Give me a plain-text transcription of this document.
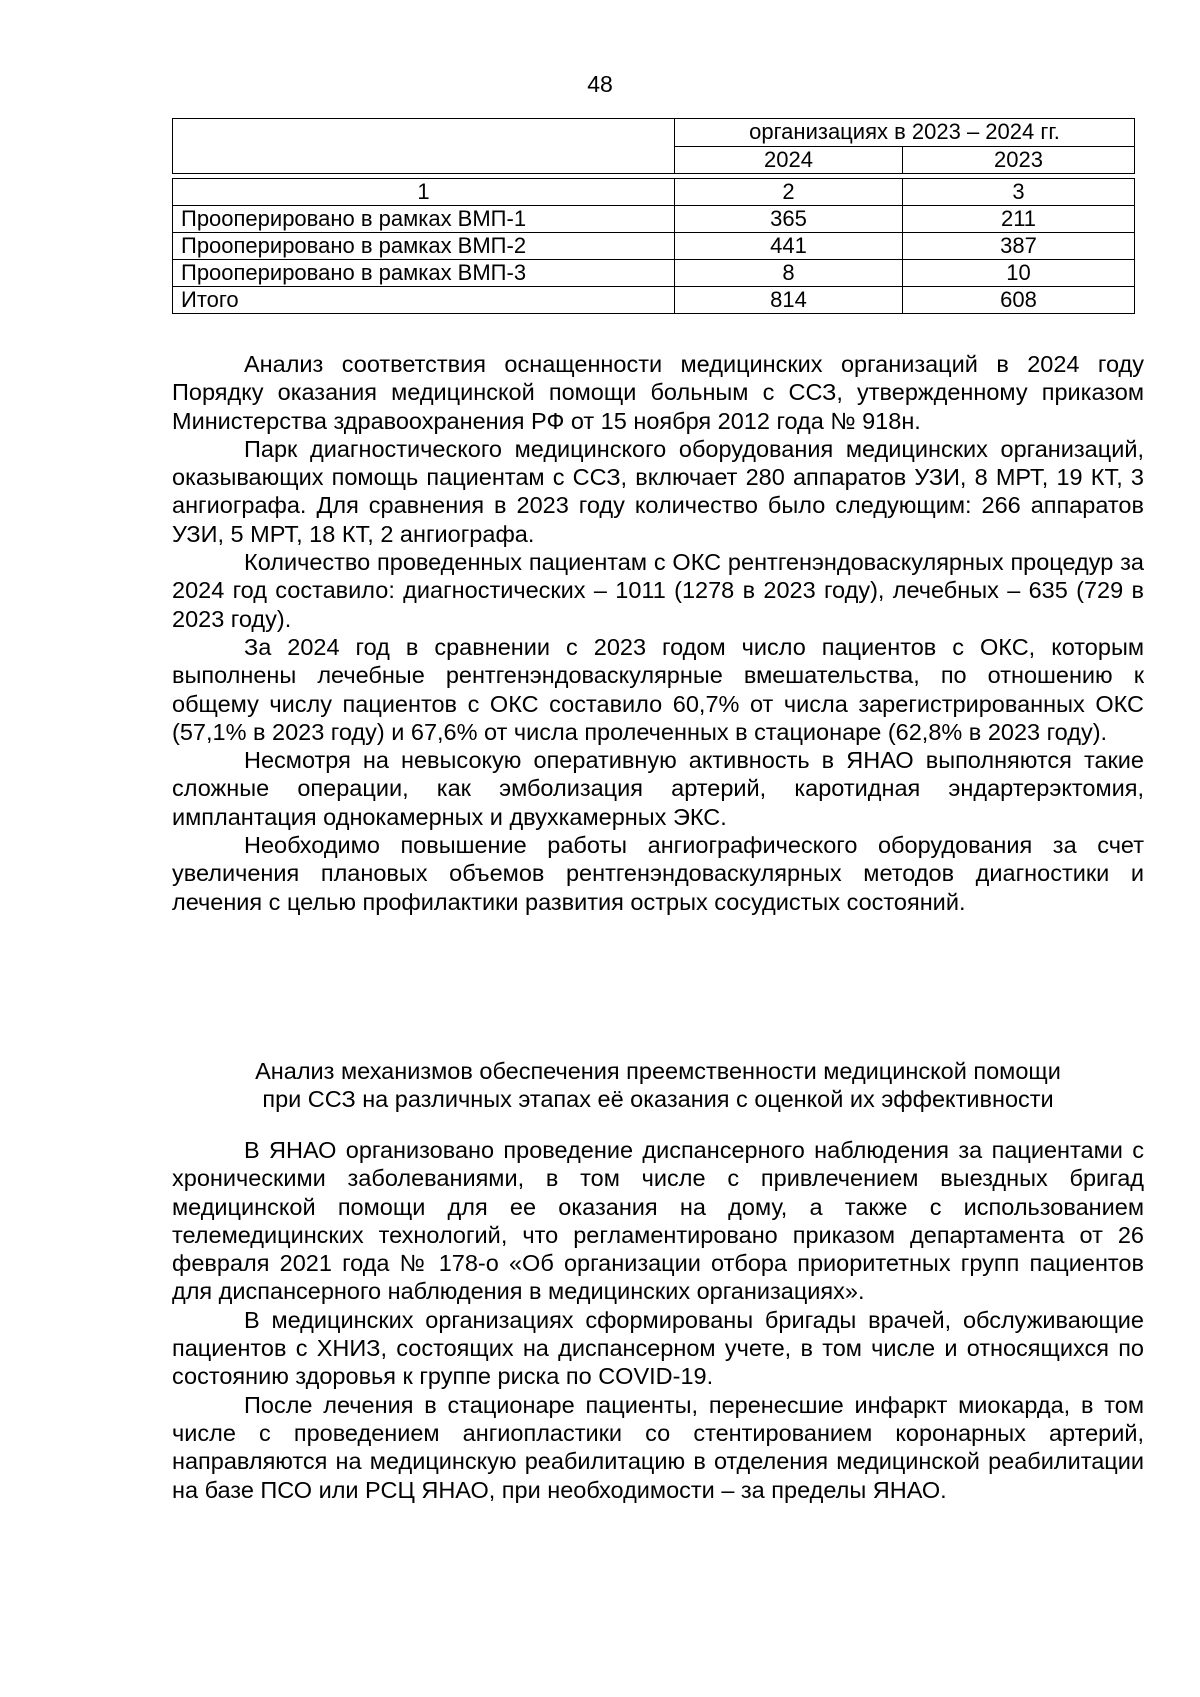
48
	организациях в 2023 – 2024 гг.	
	2024	2023
1	2	3
Прооперировано в рамках ВМП-1	365	211
Прооперировано в рамках ВМП-2	441	387
Прооперировано в рамках ВМП-3	8	10
Итого	814	608

Анализ соответствия оснащенности медицинских организаций в 2024 году Порядку оказания медицинской помощи больным с ССЗ, утвержденному приказом Министерства здравоохранения РФ от 15 ноября 2012 года № 918н.

Парк диагностического медицинского оборудования медицинских организаций, оказывающих помощь пациентам с ССЗ, включает 280 аппаратов УЗИ, 8 МРТ, 19 КТ, 3 ангиографа. Для сравнения в 2023 году количество было следующим: 266 аппаратов УЗИ, 5 МРТ, 18 КТ, 2 ангиографа.

Количество проведенных пациентам с ОКС рентгенэндоваскулярных процедур за 2024 год составило: диагностических – 1011 (1278 в 2023 году), лечебных – 635 (729 в 2023 году).

За 2024 год в сравнении с 2023 годом число пациентов с ОКС, которым выполнены лечебные рентгенэндоваскулярные вмешательства, по отношению к общему числу пациентов с ОКС составило 60,7% от числа зарегистрированных ОКС (57,1% в 2023 году) и 67,6% от числа пролеченных в стационаре (62,8% в 2023 году).

Несмотря на невысокую оперативную активность в ЯНАО выполняются такие сложные операции, как эмболизация артерий, каротидная эндартерэктомия, имплантация однокамерных и двухкамерных ЭКС.

Необходимо повышение работы ангиографического оборудования за счет увеличения плановых объемов рентгенэндоваскулярных методов диагностики и лечения с целью профилактики развития острых сосудистых состояний.

Анализ механизмов обеспечения преемственности медицинской помощи
при ССЗ на различных этапах её оказания с оценкой их эффективности

В ЯНАО организовано проведение диспансерного наблюдения за пациентами с хроническими заболеваниями, в том числе с привлечением выездных бригад медицинской помощи для ее оказания на дому, а также с использованием телемедицинских технологий, что регламентировано приказом департамента от 26 февраля 2021 года № 178-о «Об организации отбора приоритетных групп пациентов для диспансерного наблюдения в медицинских организациях».

В медицинских организациях сформированы бригады врачей, обслуживающие пациентов с ХНИЗ, состоящих на диспансерном учете, в том числе и относящихся по состоянию здоровья к группе риска по COVID-19.

После лечения в стационаре пациенты, перенесшие инфаркт миокарда, в том числе с проведением ангиопластики со стентированием коронарных артерий, направляются на медицинскую реабилитацию в отделения медицинской реабилитации на базе ПСО или РСЦ ЯНАО, при необходимости – за пределы ЯНАО.
